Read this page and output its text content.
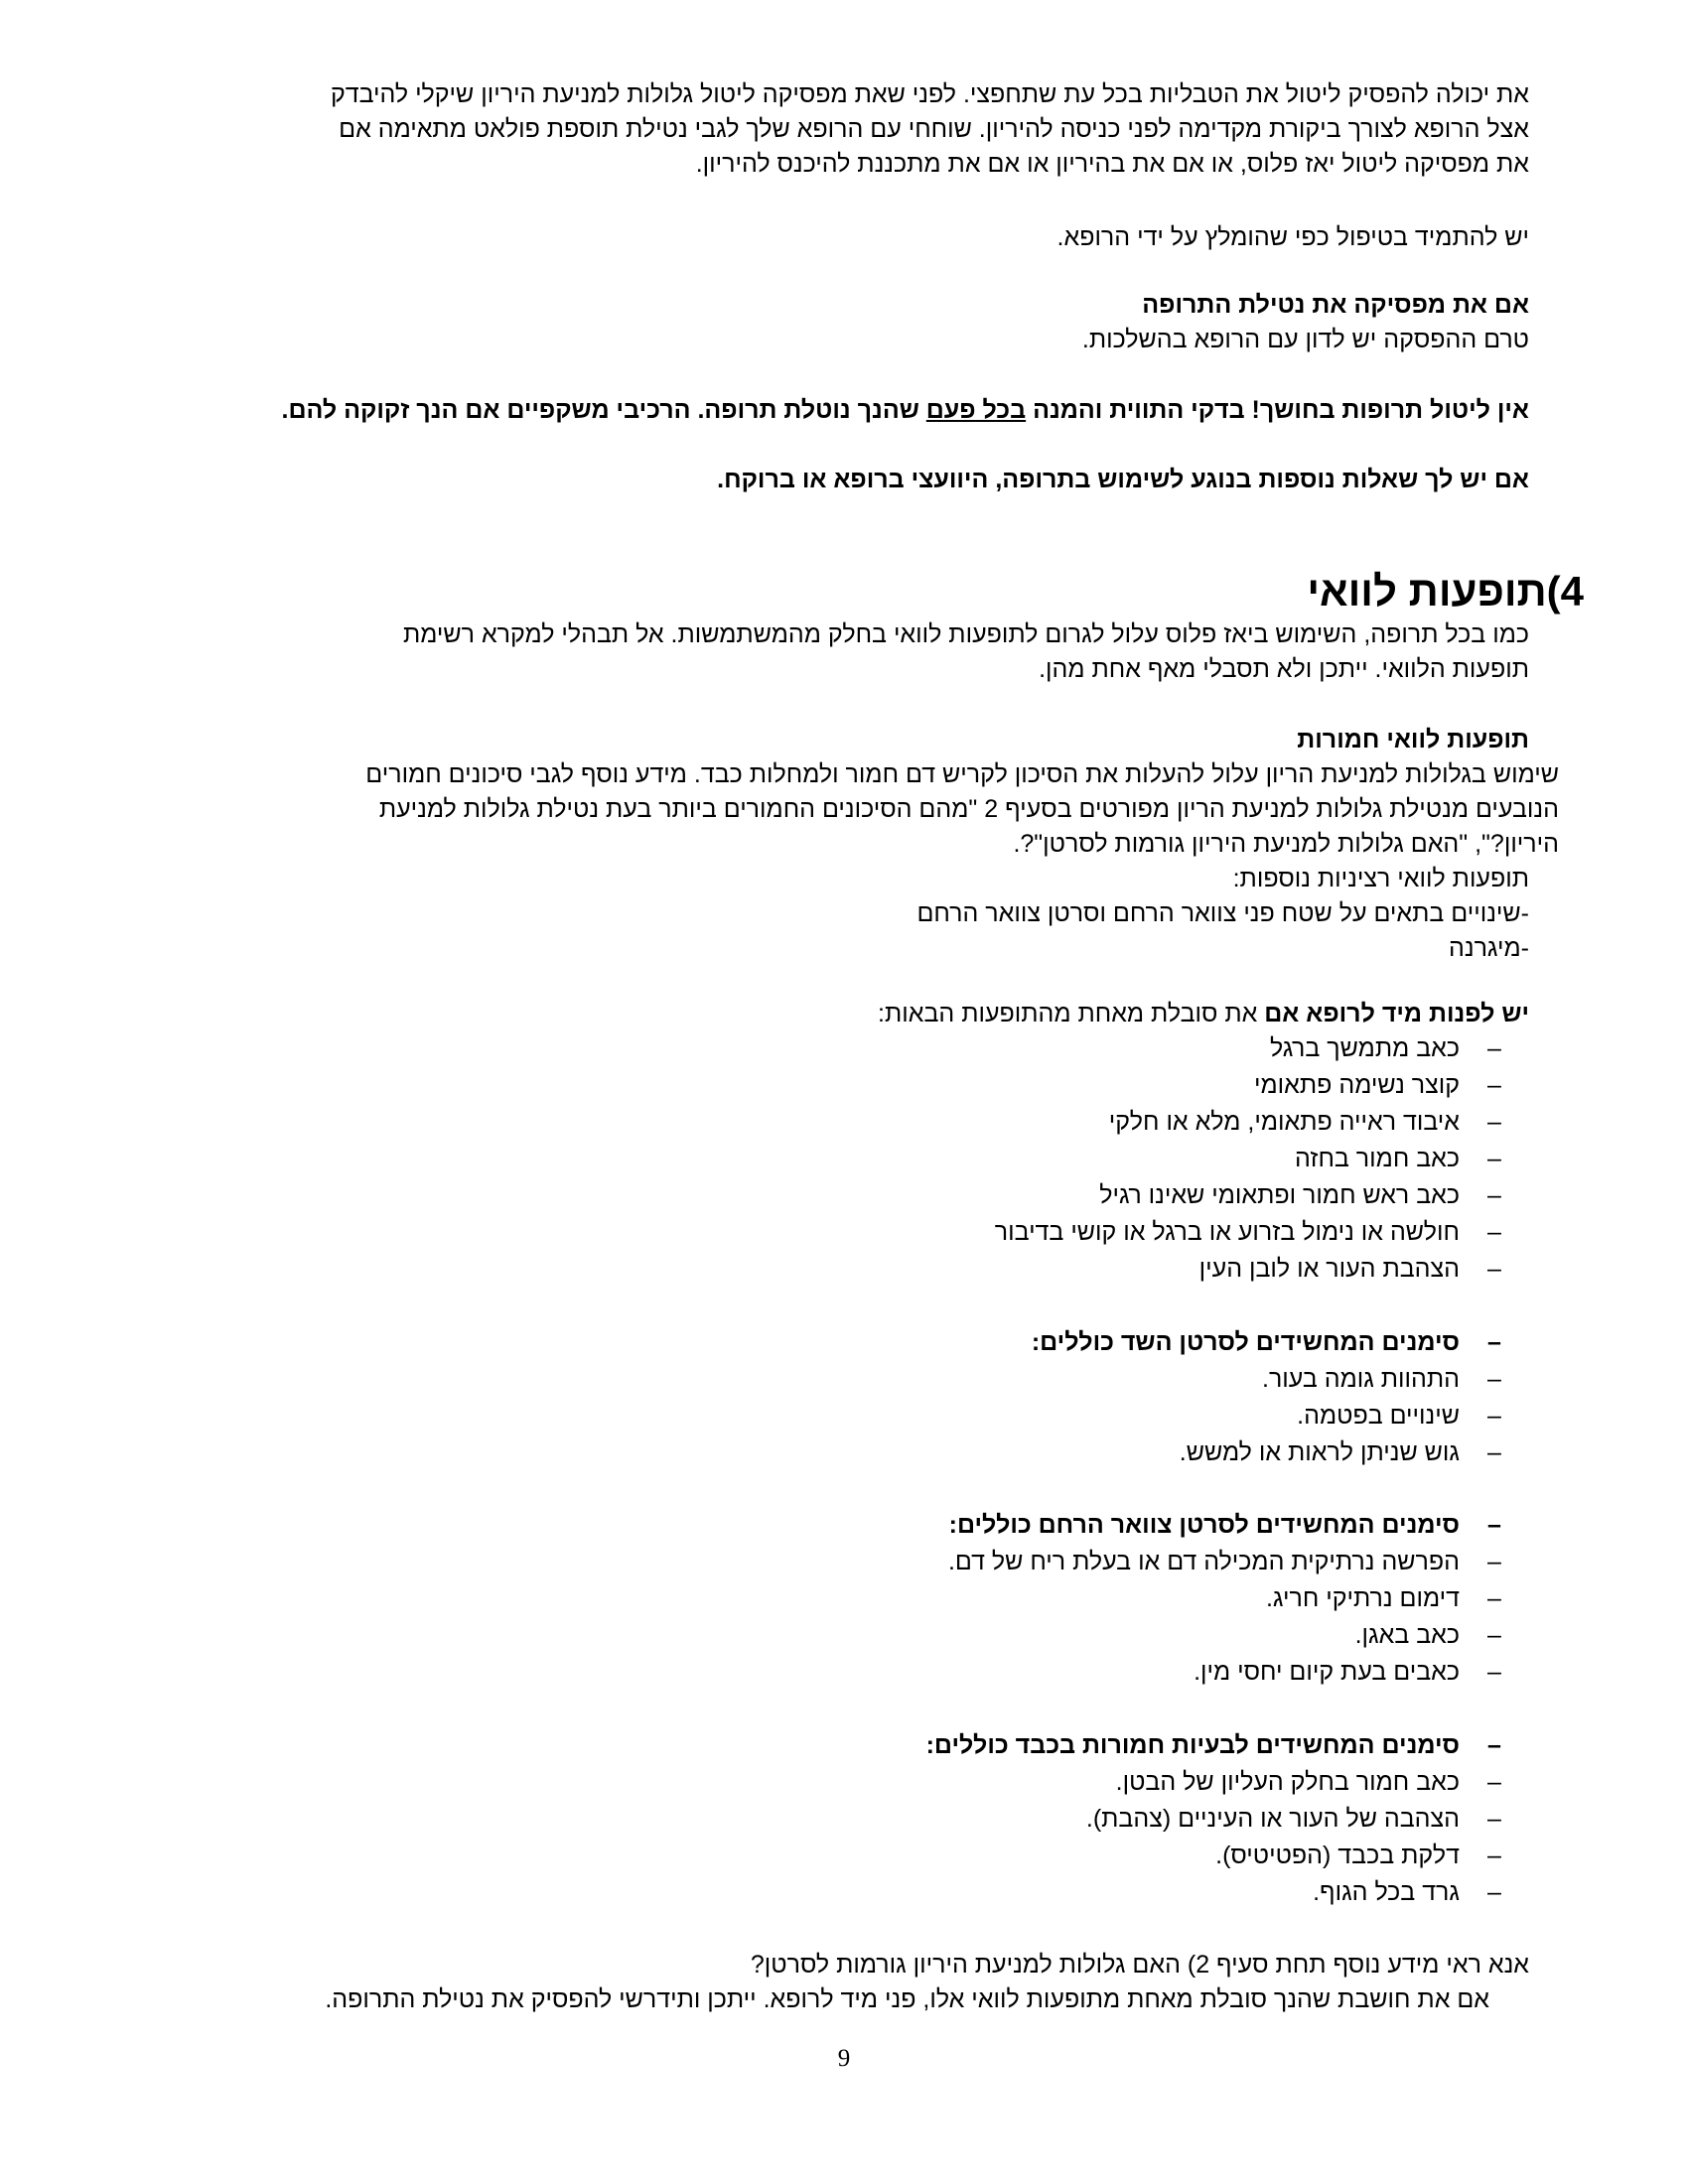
את יכולה להפסיק ליטול את הטבליות בכל עת שתחפצי. לפני שאת מפסיקה ליטול גלולות למניעת היריון שיקלי להיבדק

אצל הרופא לצורך ביקורת מקדימה לפני כניסה להיריון. שוחחי עם הרופא שלך לגבי נטילת תוספת פולאט מתאימה אם

את מפסיקה ליטול יאז פלוס, או אם את בהיריון או אם את מתכננת להיכנס להיריון.

יש להתמיד בטיפול כפי שהומלץ על ידי הרופא.

אם את מפסיקה את נטילת התרופה

טרם ההפסקה יש לדון עם הרופא בהשלכות.

אין ליטול תרופות בחושך! בדקי התווית והמנה בכל פעם שהנך נוטלת תרופה. הרכיבי משקפיים אם הנך זקוקה להם.

אם יש לך שאלות נוספות בנוגע לשימוש בתרופה, היוועצי ברופא או ברוקח.

4)תופעות לוואי

כמו בכל תרופה, השימוש ביאז פלוס עלול לגרום לתופעות לוואי בחלק מהמשתמשות. אל תבהלי למקרא רשימת

תופעות הלוואי. ייתכן ולא תסבלי מאף אחת מהן.

תופעות לוואי חמורות

שימוש בגלולות למניעת הריון עלול להעלות את הסיכון לקריש דם חמור ולמחלות כבד. מידע נוסף לגבי סיכונים חמורים

הנובעים מנטילת גלולות למניעת הריון מפורטים בסעיף 2 "מהם הסיכונים החמורים ביותר בעת נטילת גלולות למניעת

היריון?", "האם גלולות למניעת היריון גורמות לסרטן"?.

תופעות לוואי רציניות נוספות:

-שינויים בתאים על שטח פני צוואר הרחם וסרטן צוואר הרחם

-מיגרנה

יש לפנות מיד לרופא אם את סובלת מאחת מהתופעות הבאות:

–
כאב מתמשך ברגל
–
קוצר נשימה פתאומי
–
איבוד ראייה פתאומי, מלא או חלקי
–
כאב חמור בחזה
–
כאב ראש חמור ופתאומי שאינו רגיל
–
חולשה או נימול בזרוע או ברגל או קושי בדיבור
–
הצהבת העור או לובן העין
–
סימנים המחשידים לסרטן השד כוללים:
–
התהוות גומה בעור.
–
שינויים בפטמה.
–
גוש שניתן לראות או למשש.
–
סימנים המחשידים לסרטן צוואר הרחם כוללים:
–
הפרשה נרתיקית המכילה דם או בעלת ריח של דם.
–
דימום נרתיקי חריג.
–
כאב באגן.
–
כאבים בעת קיום יחסי מין.
–
סימנים המחשידים לבעיות חמורות בכבד כוללים:
–
כאב חמור בחלק העליון של הבטן.
–
הצהבה של העור או העיניים (צהבת).
–
דלקת בכבד (הפטיטיס).
–
גרד בכל הגוף.

אנא ראי מידע נוסף תחת סעיף 2) האם גלולות למניעת היריון גורמות לסרטן?

אם את חושבת שהנך סובלת מאחת מתופעות לוואי אלו, פני מיד לרופא. ייתכן ותידרשי להפסיק את נטילת התרופה.

9
